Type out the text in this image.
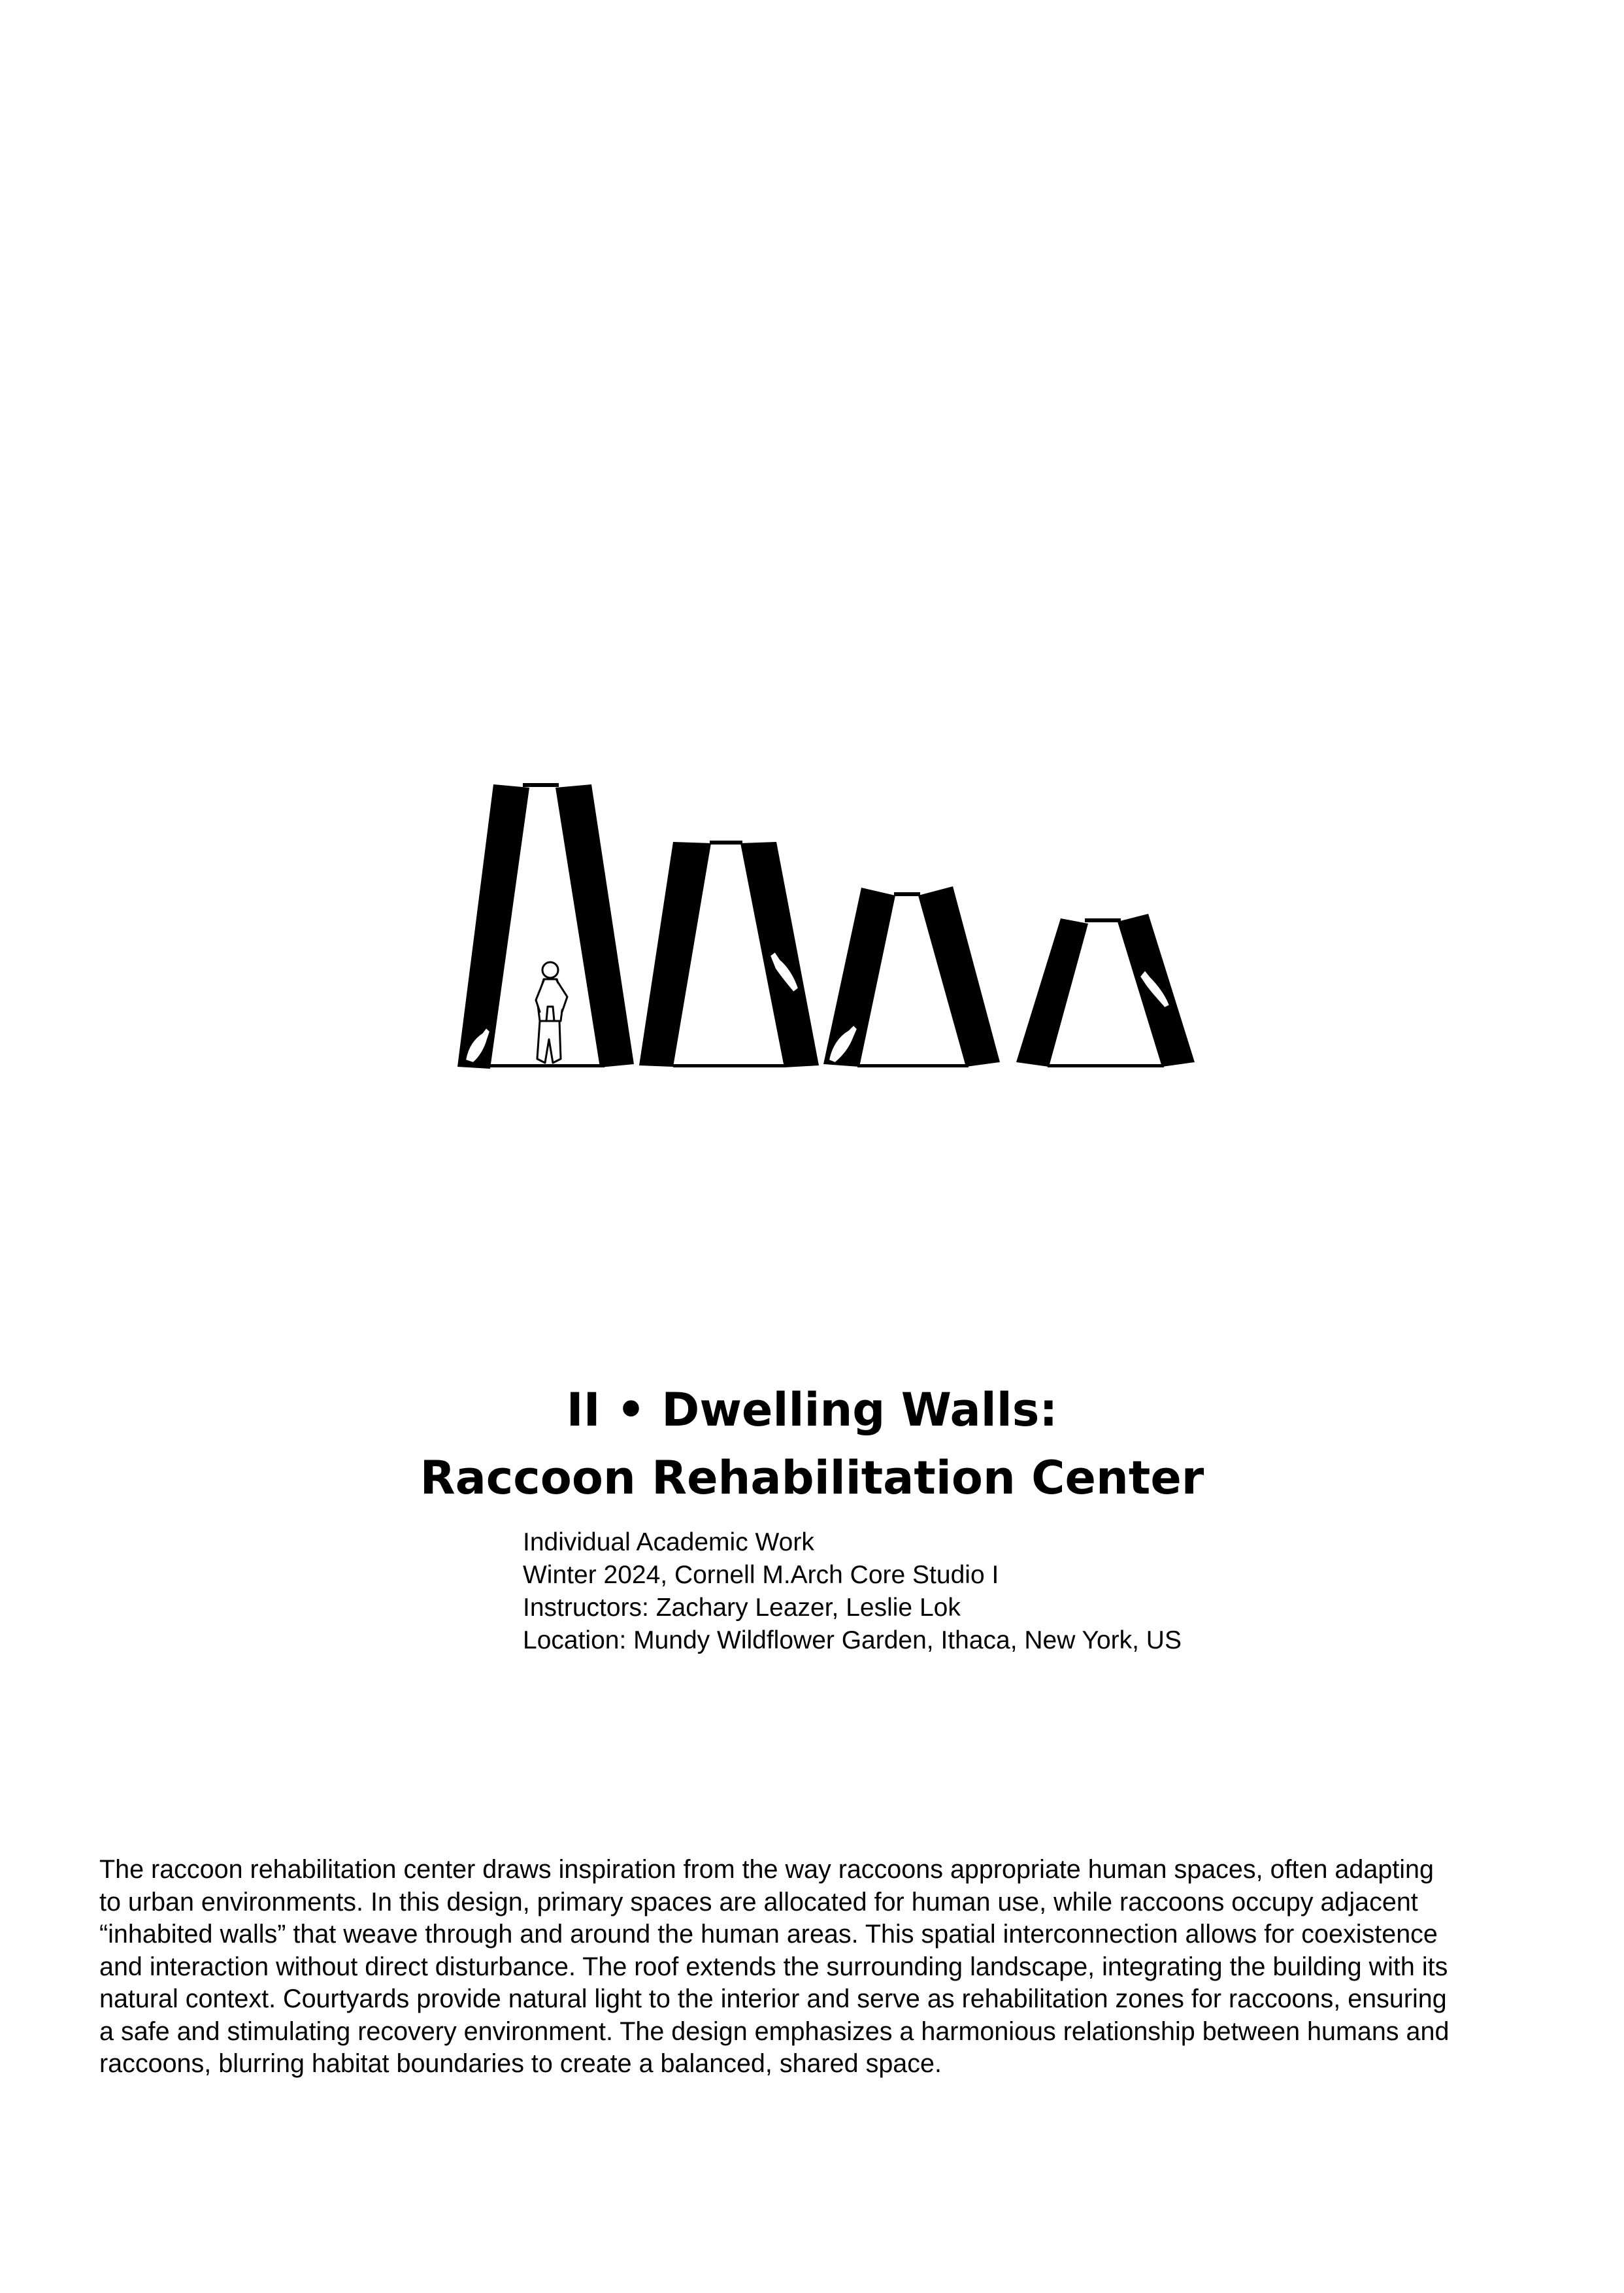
II • Dwelling Walls:

Raccoon Rehabilitation Center

Individual Academic Work
Winter 2024, Cornell M.Arch Core Studio I
Instructors: Zachary Leazer, Leslie Lok
Location: Mundy Wildflower Garden, Ithaca, New York, US
The raccoon rehabilitation center draws inspiration from the way raccoons appropriate human spaces, often adapting
to urban environments. In this design, primary spaces are allocated for human use, while raccoons occupy adjacent
“inhabited walls” that weave through and around the human areas. This spatial interconnection allows for coexistence
and interaction without direct disturbance. The roof extends the surrounding landscape, integrating the building with its
natural context. Courtyards provide natural light to the interior and serve as rehabilitation zones for raccoons, ensuring
a safe and stimulating recovery environment. The design emphasizes a harmonious relationship between humans and
raccoons, blurring habitat boundaries to create a balanced, shared space.
